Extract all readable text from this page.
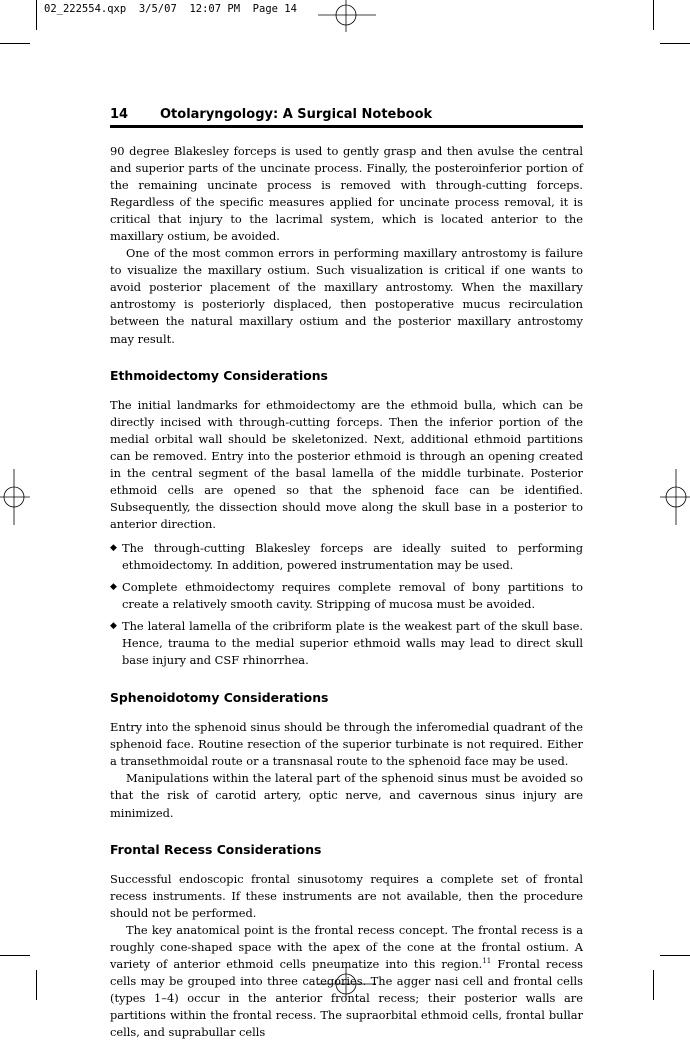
02_222554.qxp 3/5/07 12:07 PM Page 14
14 Otolaryngology: A Surgical Notebook

90 degree Blakesley forceps is used to gently grasp and then avulse the central and superior parts of the uncinate process. Finally, the posteroinferior portion of the remaining uncinate process is removed with through-cutting forceps. Regardless of the specific measures applied for uncinate process removal, it is critical that injury to the lacrimal system, which is located anterior to the maxillary ostium, be avoided.

One of the most common errors in performing maxillary antrostomy is failure to visualize the maxillary ostium. Such visualization is critical if one wants to avoid posterior placement of the maxillary antrostomy. When the maxillary antrostomy is posteriorly displaced, then postoperative mucus recirculation between the natural maxillary ostium and the posterior maxillary antrostomy may result.

Ethmoidectomy Considerations

The initial landmarks for ethmoidectomy are the ethmoid bulla, which can be directly incised with through-cutting forceps. Then the inferior portion of the medial orbital wall should be skeletonized. Next, additional ethmoid partitions can be removed. Entry into the posterior ethmoid is through an opening created in the central segment of the basal lamella of the middle turbinate. Posterior ethmoid cells are opened so that the sphenoid face can be identified. Subsequently, the dissection should move along the skull base in a posterior to anterior direction.

◆ The through-cutting Blakesley forceps are ideally suited to performing ethmoidectomy. In addition, powered instrumentation may be used.
◆ Complete ethmoidectomy requires complete removal of bony partitions to create a relatively smooth cavity. Stripping of mucosa must be avoided.
◆ The lateral lamella of the cribriform plate is the weakest part of the skull base. Hence, trauma to the medial superior ethmoid walls may lead to direct skull base injury and CSF rhinorrhea.
Sphenoidotomy Considerations

Entry into the sphenoid sinus should be through the inferomedial quadrant of the sphenoid face. Routine resection of the superior turbinate is not required. Either a transethmoidal route or a transnasal route to the sphenoid face may be used.

Manipulations within the lateral part of the sphenoid sinus must be avoided so that the risk of carotid artery, optic nerve, and cavernous sinus injury are minimized.

Frontal Recess Considerations

Successful endoscopic frontal sinusotomy requires a complete set of frontal recess instruments. If these instruments are not available, then the procedure should not be performed.

The key anatomical point is the frontal recess concept. The frontal recess is a roughly cone-shaped space with the apex of the cone at the frontal ostium. A variety of anterior ethmoid cells pneumatize into this region.$^{11}$ Frontal recess cells may be grouped into three categories. The agger nasi cell and frontal cells (types 1–4) occur in the anterior frontal recess; their posterior walls are partitions within the frontal recess. The supraorbital ethmoid cells, frontal bullar cells, and suprabullar cells
